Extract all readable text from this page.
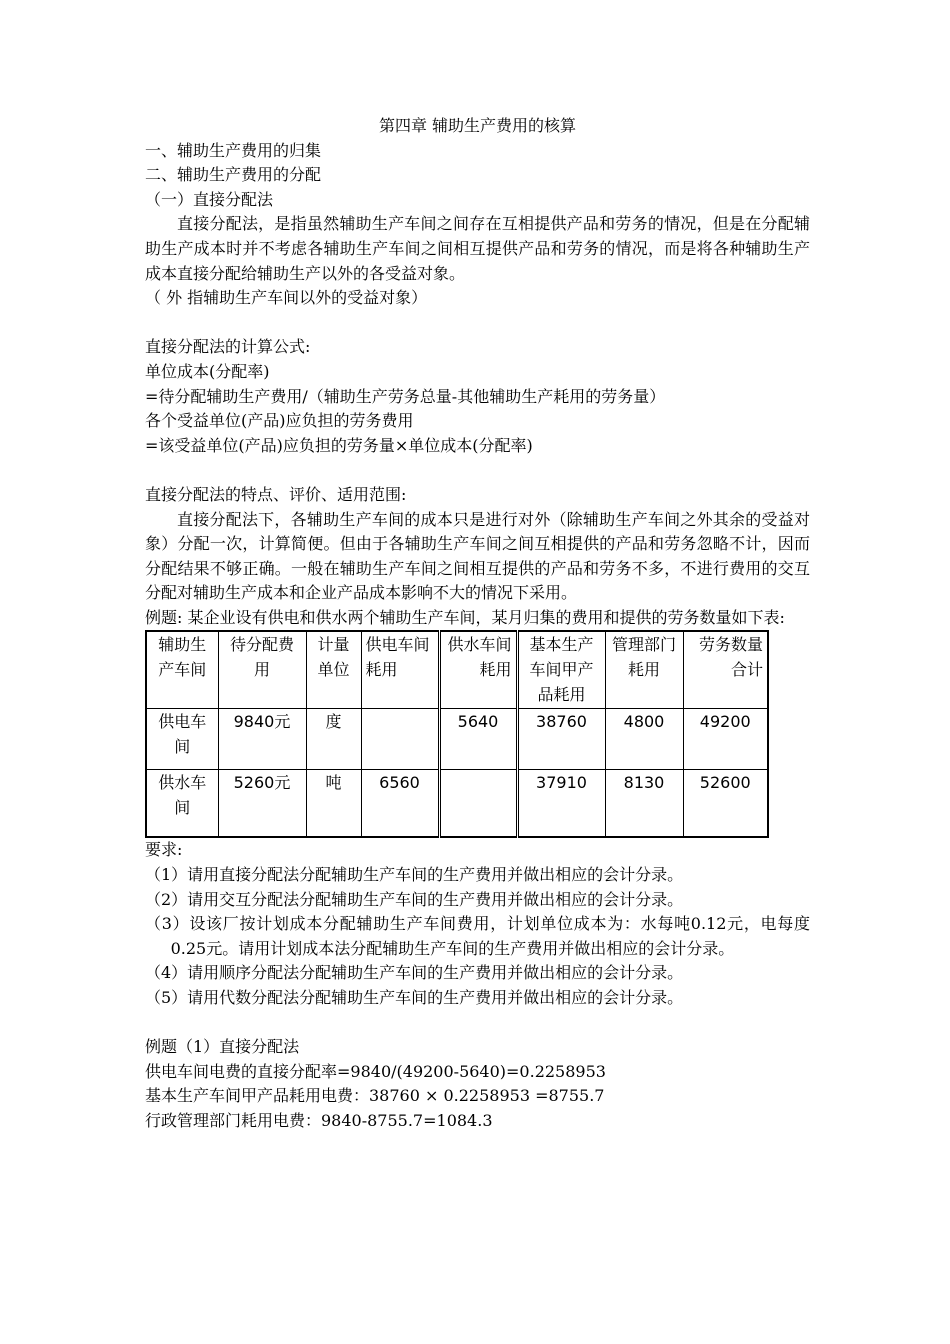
第四章 辅助生产费用的核算

一、辅助生产费用的归集

二、辅助生产费用的分配

（一）直接分配法

直接分配法，是指虽然辅助生产车间之间存在互相提供产品和劳务的情况，但是在分配辅助生产成本时并不考虑各辅助生产车间之间相互提供产品和劳务的情况，而是将各种辅助生产成本直接分配给辅助生产以外的各受益对象。

（ 外 指辅助生产车间以外的受益对象）

直接分配法的计算公式:

单位成本(分配率)

=待分配辅助生产费用/（辅助生产劳务总量-其他辅助生产耗用的劳务量）

各个受益单位(产品)应负担的劳务费用

=该受益单位(产品)应负担的劳务量×单位成本(分配率)

直接分配法的特点、评价、适用范围:

直接分配法下，各辅助生产车间的成本只是进行对外（除辅助生产车间之外其余的受益对象）分配一次，计算简便。但由于各辅助生产车间之间互相提供的产品和劳务忽略不计，因而分配结果不够正确。一般在辅助生产车间之间相互提供的产品和劳务不多，不进行费用的交互分配对辅助生产成本和企业产品成本影响不大的情况下采用。

例题: 某企业设有供电和供水两个辅助生产车间，某月归集的费用和提供的劳务数量如下表:

辅助生产车间	待分配费用	计量单位	供电车间耗用	供水车间耗用	基本生产车间甲产品耗用	管理部门耗用	劳务数量合计
供电车间	9840元	度		5640	38760	4800	49200
供水车间	5260元	吨	6560		37910	8130	52600

要求:

（1）请用直接分配法分配辅助生产车间的生产费用并做出相应的会计分录。

（2）请用交互分配法分配辅助生产车间的生产费用并做出相应的会计分录。

（3）设该厂按计划成本分配辅助生产车间费用，计划单位成本为：水每吨0.12元，电每度0.25元。请用计划成本法分配辅助生产车间的生产费用并做出相应的会计分录。

（4）请用顺序分配法分配辅助生产车间的生产费用并做出相应的会计分录。

（5）请用代数分配法分配辅助生产车间的生产费用并做出相应的会计分录。

例题（1）直接分配法

供电车间电费的直接分配率=9840/(49200-5640)=0.2258953

基本生产车间甲产品耗用电费：38760 × 0.2258953 =8755.7

行政管理部门耗用电费：9840-8755.7=1084.3
